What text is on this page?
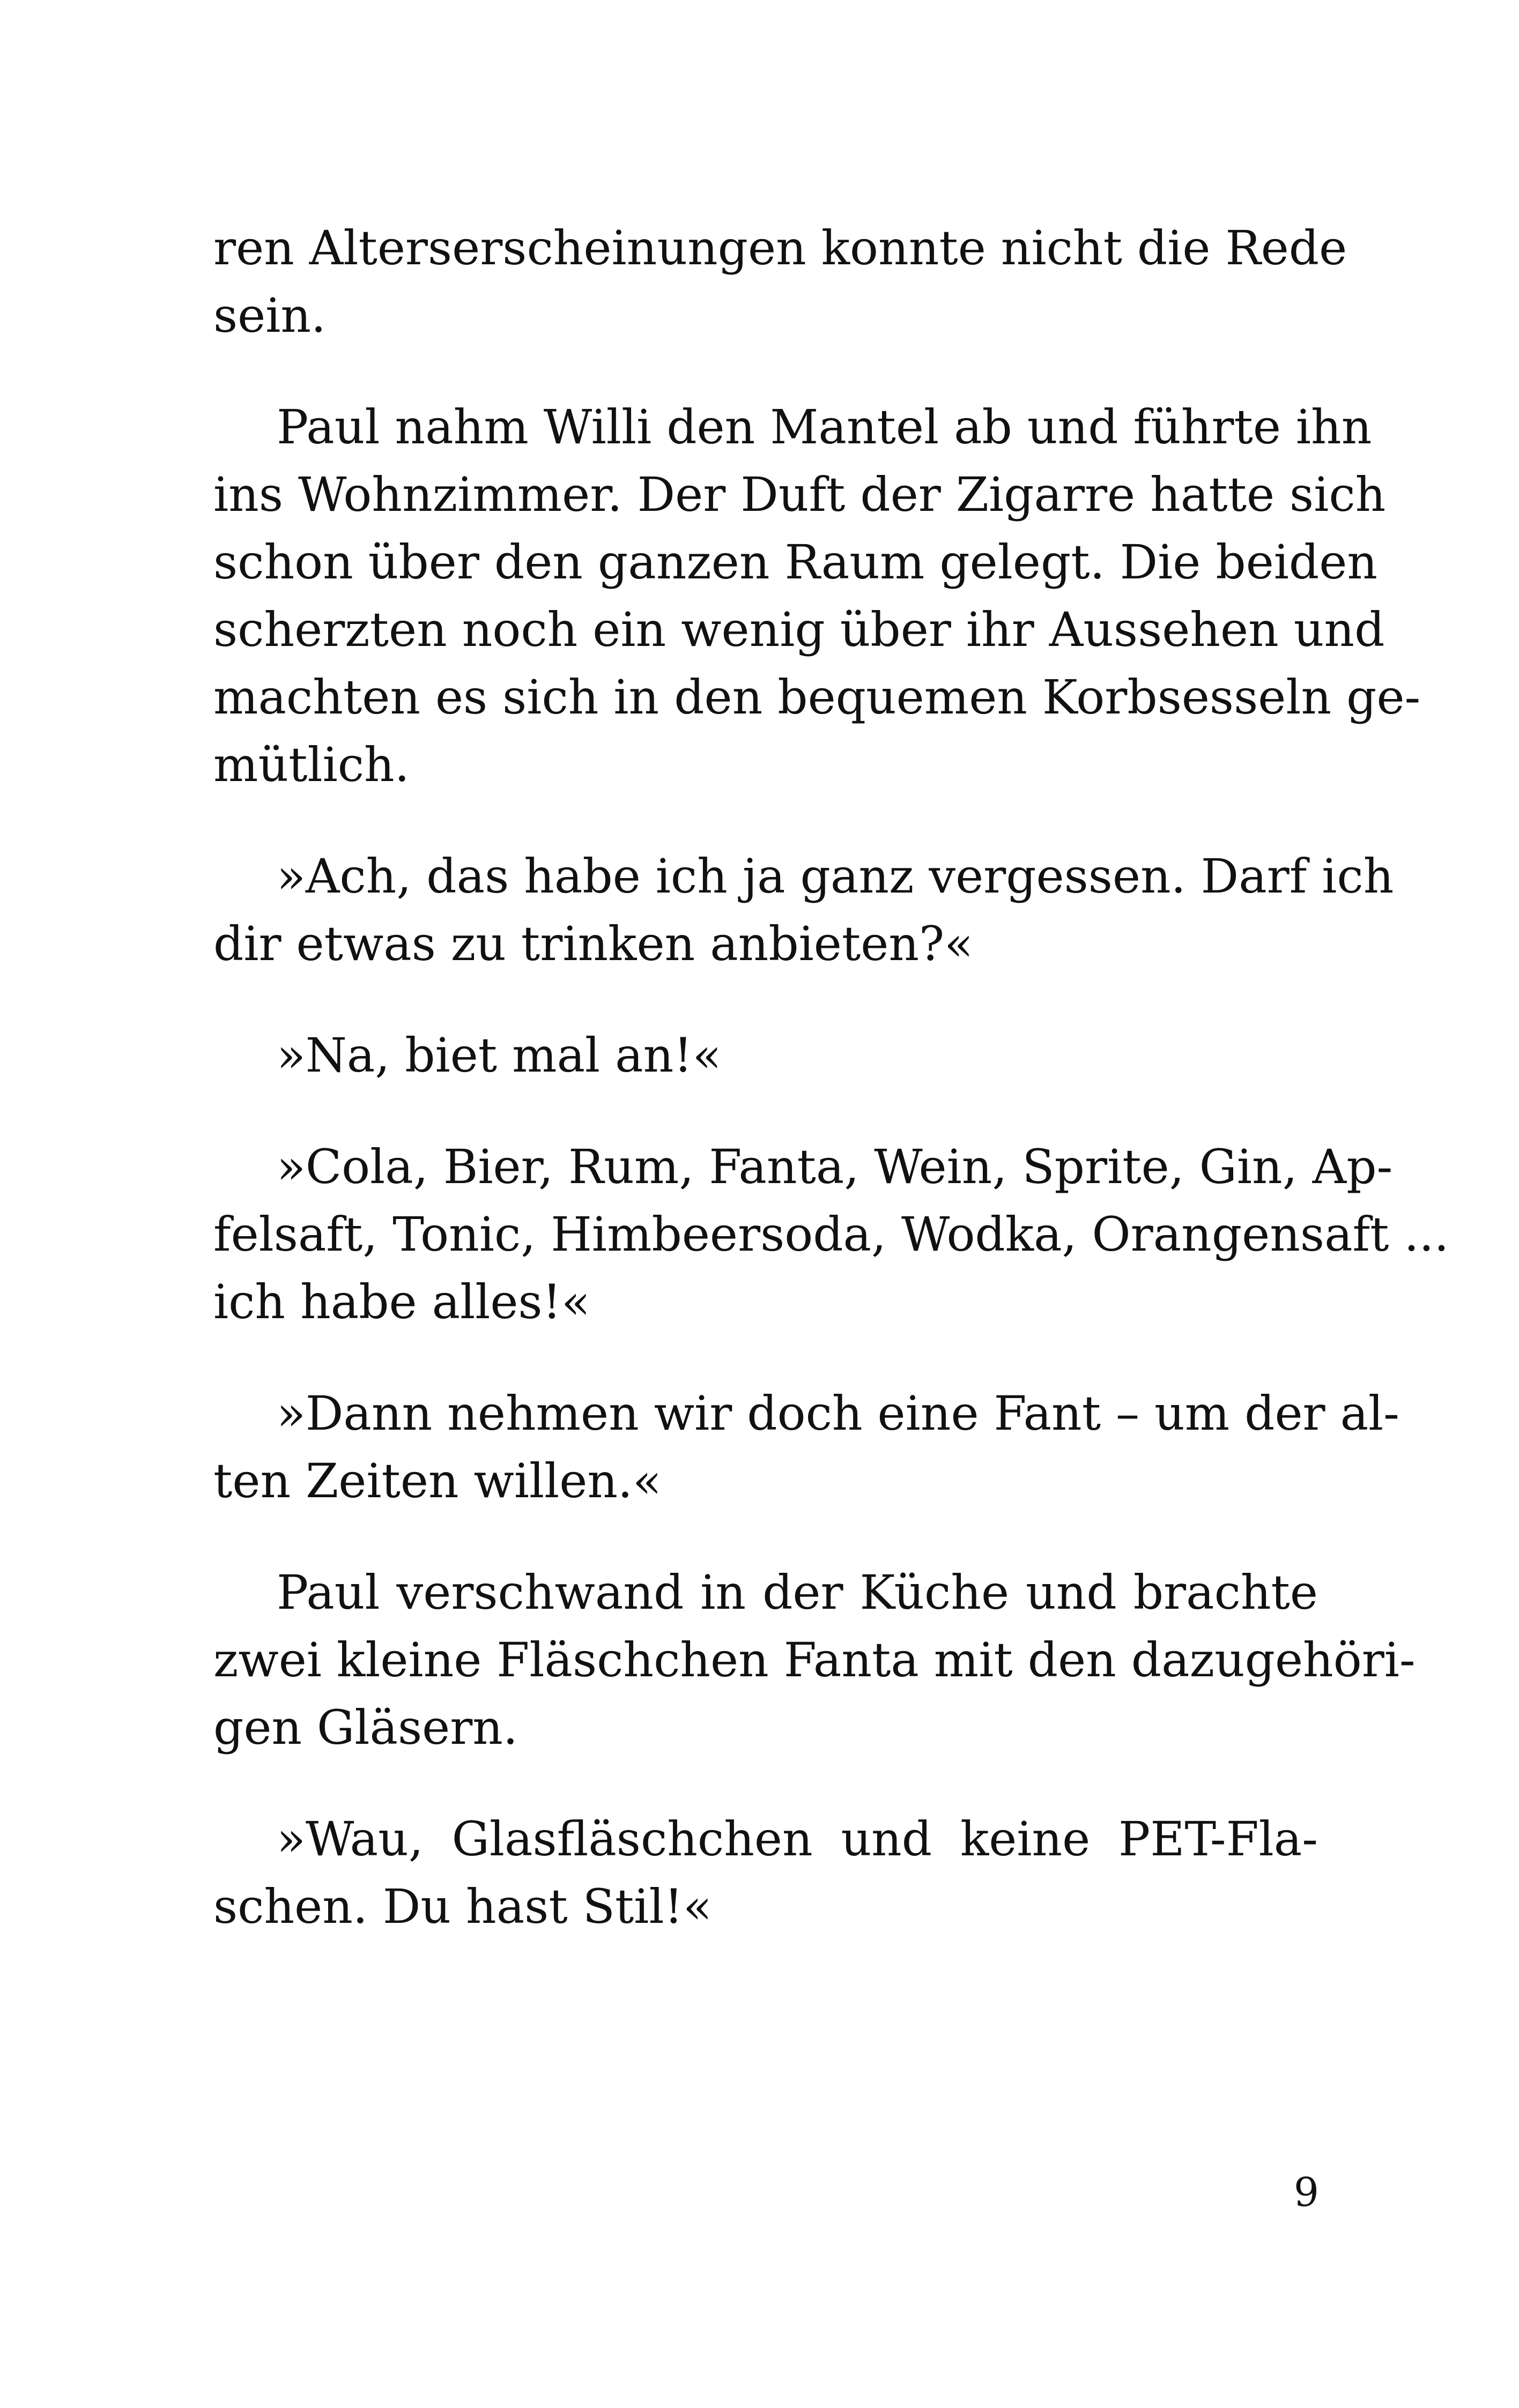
ren Alterserscheinungen konnte nicht die Rede
sein.
Paul nahm Willi den Mantel ab und führte ihn
ins Wohnzimmer. Der Duft der Zigarre hatte sich
schon über den ganzen Raum gelegt. Die beiden
scherzten noch ein wenig über ihr Aussehen und
machten es sich in den bequemen Korbsesseln ge-
mütlich.
»Ach, das habe ich ja ganz vergessen. Darf ich
dir etwas zu trinken anbieten?«
»Na, biet mal an!«
»Cola, Bier, Rum, Fanta, Wein, Sprite, Gin, Ap-
felsaft, Tonic, Himbeersoda, Wodka, Orangensaft ...
ich habe alles!«
»Dann nehmen wir doch eine Fant – um der al-
ten Zeiten willen.«
Paul verschwand in der Küche und brachte
zwei kleine Fläschchen Fanta mit den dazugehöri-
gen Gläsern.
»Wau, Glasfläschchen und keine PET-Fla-
schen. Du hast Stil!«
9
